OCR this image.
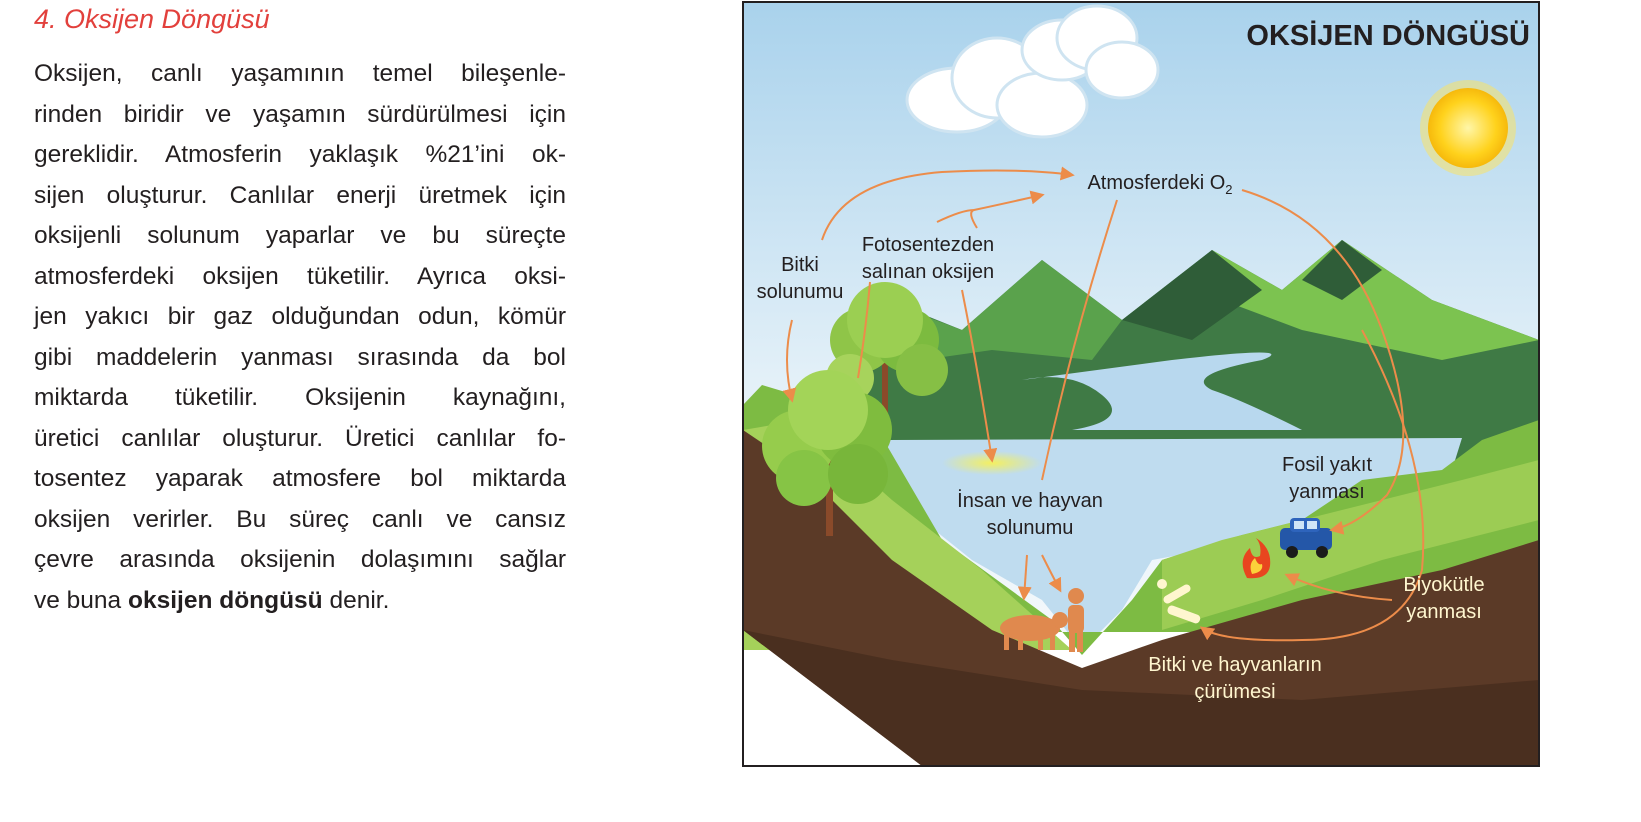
4. Oksijen Döngüsü
Oksijen, canlı yaşamının temel bileşenle-
rinden biridir ve yaşamın sürdürülmesi için
gereklidir. Atmosferin yaklaşık %21’ini ok-
sijen oluşturur. Canlılar enerji üretmek için
oksijenli solunum yaparlar ve bu süreçte
atmosferdeki oksijen tüketilir. Ayrıca oksi-
jen yakıcı bir gaz olduğundan odun, kömür
gibi maddelerin yanması sırasında da bol
miktarda tüketilir. Oksijenin kaynağını,
üretici canlılar oluşturur. Üretici canlılar fo-
tosentez yaparak atmosfere bol miktarda
oksijen verirler. Bu süreç canlı ve cansız
çevre arasında oksijenin dolaşımını sağlar
ve buna oksijen döngüsü denir.
OKSİJEN DÖNGÜSÜ
Atmosferdeki $O_2$
Bitki
solunumu
Fotosentezden
salınan oksijen
İnsan ve hayvan
solunumu
Fosil yakıt
yanması
Biyokütle
yanması
Bitki ve hayvanların
çürümesi
